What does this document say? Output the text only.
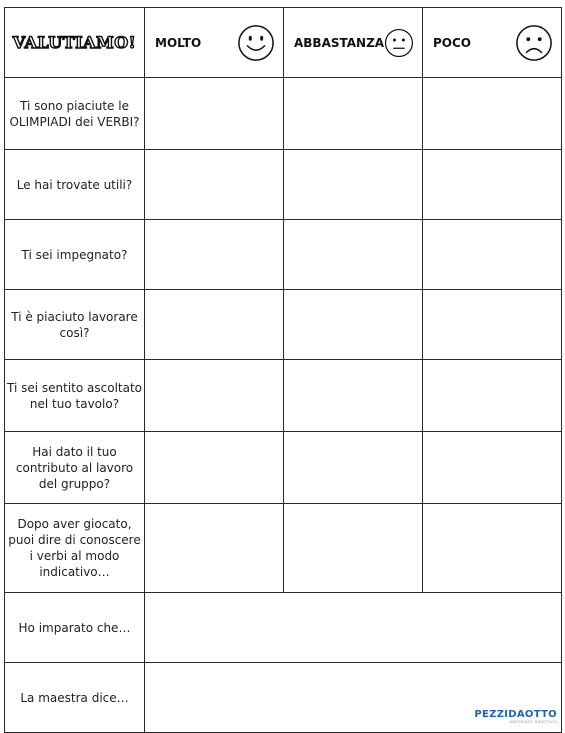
VALUTIAMO!	MOLTO	ABBASTANZA	POCO

Ti sono piaciute le OLIMPIADI dei VERBI?			
Le hai trovate utili?			
Ti sei impegnato?			
Ti è piaciuto lavorare così?			
Ti sei sentito ascoltato nel tuo tavolo?			
Hai dato il tuo contributo al lavoro del gruppo?			
Dopo aver giocato, puoi dire di conoscere i verbi al modo indicativo…			
Ho imparato che…			
La maestra dice…	PEZZIDAOTTO
MATERIALE DIDATTICO		
